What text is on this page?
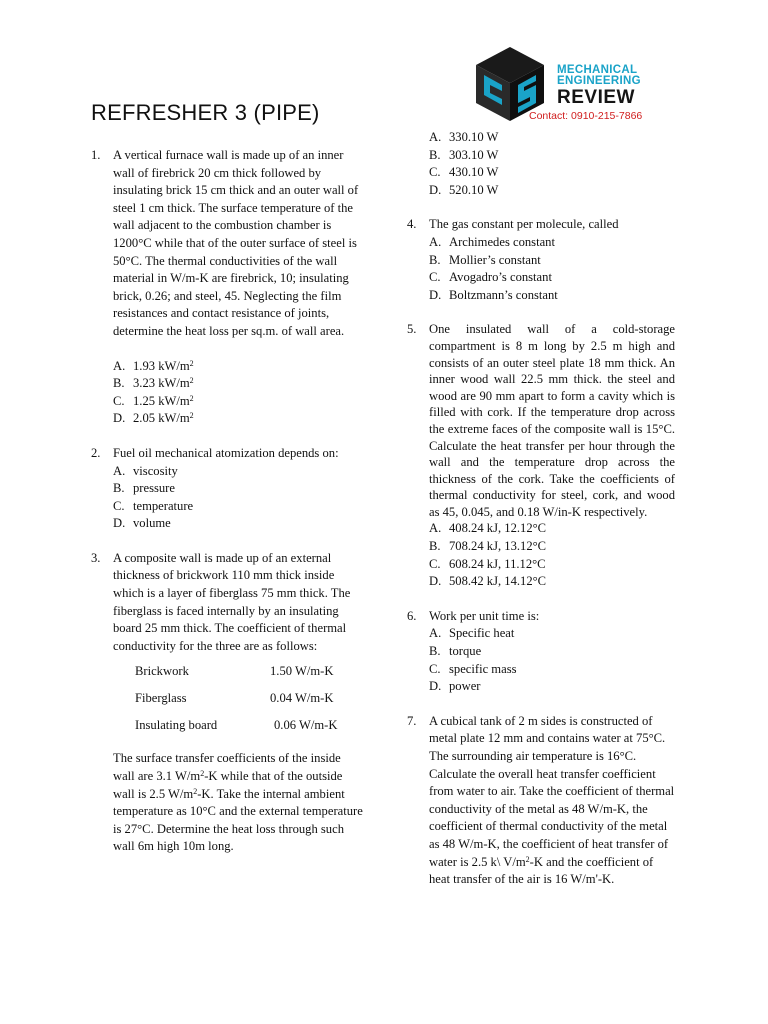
REFRESHER 3 (PIPE)
MECHANICAL
ENGINEERING
REVIEW
Contact: 0910-215-7866
1. A vertical furnace wall is made up of an inner wall of firebrick 20 cm thick followed by insulating brick 15 cm thick and an outer wall of steel 1 cm thick. The surface temperature of the wall adjacent to the combustion chamber is 1200°C while that of the outer surface of steel is 50°C. The thermal conductivities of the wall material in W/m-K are firebrick, 10; insulating brick, 0.26; and steel, 45. Neglecting the film resistances and contact resistance of joints, determine the heat loss per sq.m. of wall area.

A. 1.93 $kW/m^2$
B. 3.23 $kW/m^2$
C. 1.25 $kW/m^2$
D. 2.05 $kW/m^2$
2. Fuel oil mechanical atomization depends on:

A. viscosity
B. pressure
C. temperature
D. volume
3. A composite wall is made up of an external thickness of brickwork 110 mm thick inside which is a layer of fiberglass 75 mm thick. The fiberglass is faced internally by an insulating board 25 mm thick. The coefficient of thermal conductivity for the three are as follows:

Brickwork	1.50 W/m-K
Fiberglass	0.04 W/m-K
Insulating board	0.06 W/m-K

The surface transfer coefficients of the inside wall are 3.1 $W/m^2-K$ while that of the outside wall is 2.5 $W/m^2-K$. Take the internal ambient temperature as 10°C and the external temperature is 27°C. Determine the heat loss through such wall 6m high 10m long.

A. 330.10 W
B. 303.10 W
C. 430.10 W
D. 520.10 W
4. The gas constant per molecule, called

A. Archimedes constant
B. Mollier’s constant
C. Avogadro’s constant
D. Boltzmann’s constant
5. One insulated wall of a cold-storage compartment is 8 m long by 2.5 m high and consists of an outer steel plate 18 mm thick. An inner wood wall 22.5 mm thick. the steel and wood are 90 mm apart to form a cavity which is filled with cork. If the temperature drop across the extreme faces of the composite wall is 15°C. Calculate the heat transfer per hour through the wall and the temperature drop across the thickness of the cork. Take the coefficients of thermal conductivity for steel, cork, and wood as 45, 0.045, and 0.18 W/in-K respectively.

A. 408.24 kJ, 12.12°C
B. 708.24 kJ, 13.12°C
C. 608.24 kJ, 11.12°C
D. 508.42 kJ, 14.12°C
6. Work per unit time is:

A. Specific heat
B. torque
C. specific mass
D. power
7. A cubical tank of 2 m sides is constructed of metal plate 12 mm and contains water at 75°C. The surrounding air temperature is 16°C. Calculate the overall heat transfer coefficient from water to air. Take the coefficient of thermal conductivity of the metal as 48 W/m-K, the coefficient of thermal conductivity of the metal as 48 W/m-K, the coefficient of heat transfer of water is 2.5 k\ $V/m^2-K$ and the coefficient of heat transfer of the air is 16 W/m'-K.
